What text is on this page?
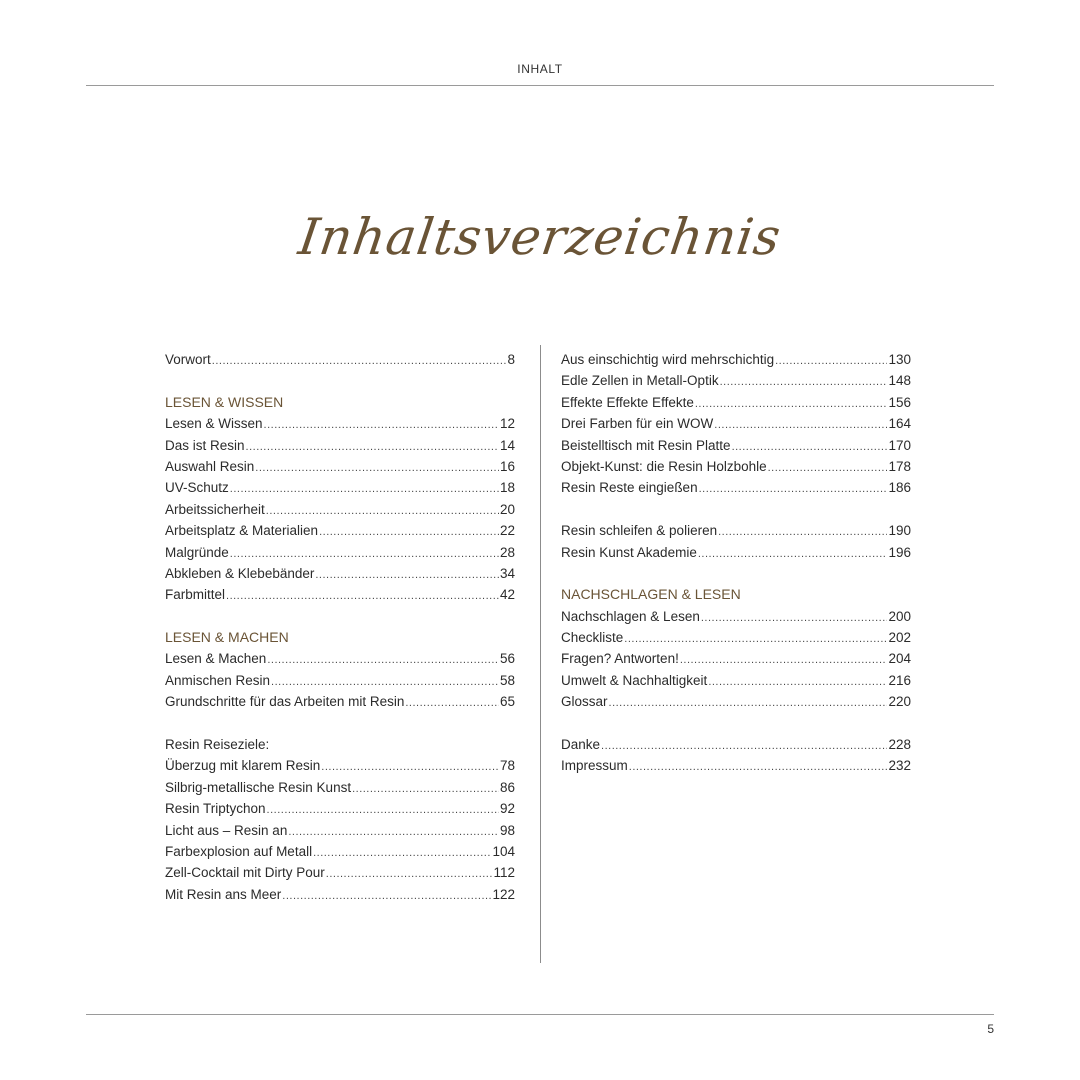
INHALT
Inhaltsverzeichnis
Vorwort .....	8
LESEN & WISSEN
Lesen & Wissen .....	12
Das ist Resin .....	14
Auswahl Resin .....	16
UV-Schutz .....	18
Arbeitssicherheit .....	20
Arbeitsplatz & Materialien .....	22
Malgründe .....	28
Abkleben & Klebebänder .....	34
Farbmittel .....	42
LESEN & MACHEN
Lesen & Machen .....	56
Anmischen Resin .....	58
Grundschritte für das Arbeiten mit Resin .....	65
Resin Reiseziele:
Überzug mit klarem Resin .....	78
Silbrig-metallische Resin Kunst .....	86
Resin Triptychon .....	92
Licht aus – Resin an .....	98
Farbexplosion auf Metall .....	104
Zell-Cocktail mit Dirty Pour .....	112
Mit Resin ans Meer .....	122
Aus einschichtig wird mehrschichtig .....	130
Edle Zellen in Metall-Optik .....	148
Effekte Effekte Effekte .....	156
Drei Farben für ein WOW .....	164
Beistelltisch mit Resin Platte .....	170
Objekt-Kunst: die Resin Holzbohle .....	178
Resin Reste eingießen .....	186
Resin schleifen & polieren .....	190
Resin Kunst Akademie .....	196
NACHSCHLAGEN & LESEN
Nachschlagen & Lesen .....	200
Checkliste .....	202
Fragen? Antworten! .....	204
Umwelt & Nachhaltigkeit .....	216
Glossar .....	220
Danke .....	228
Impressum .....	232
5
